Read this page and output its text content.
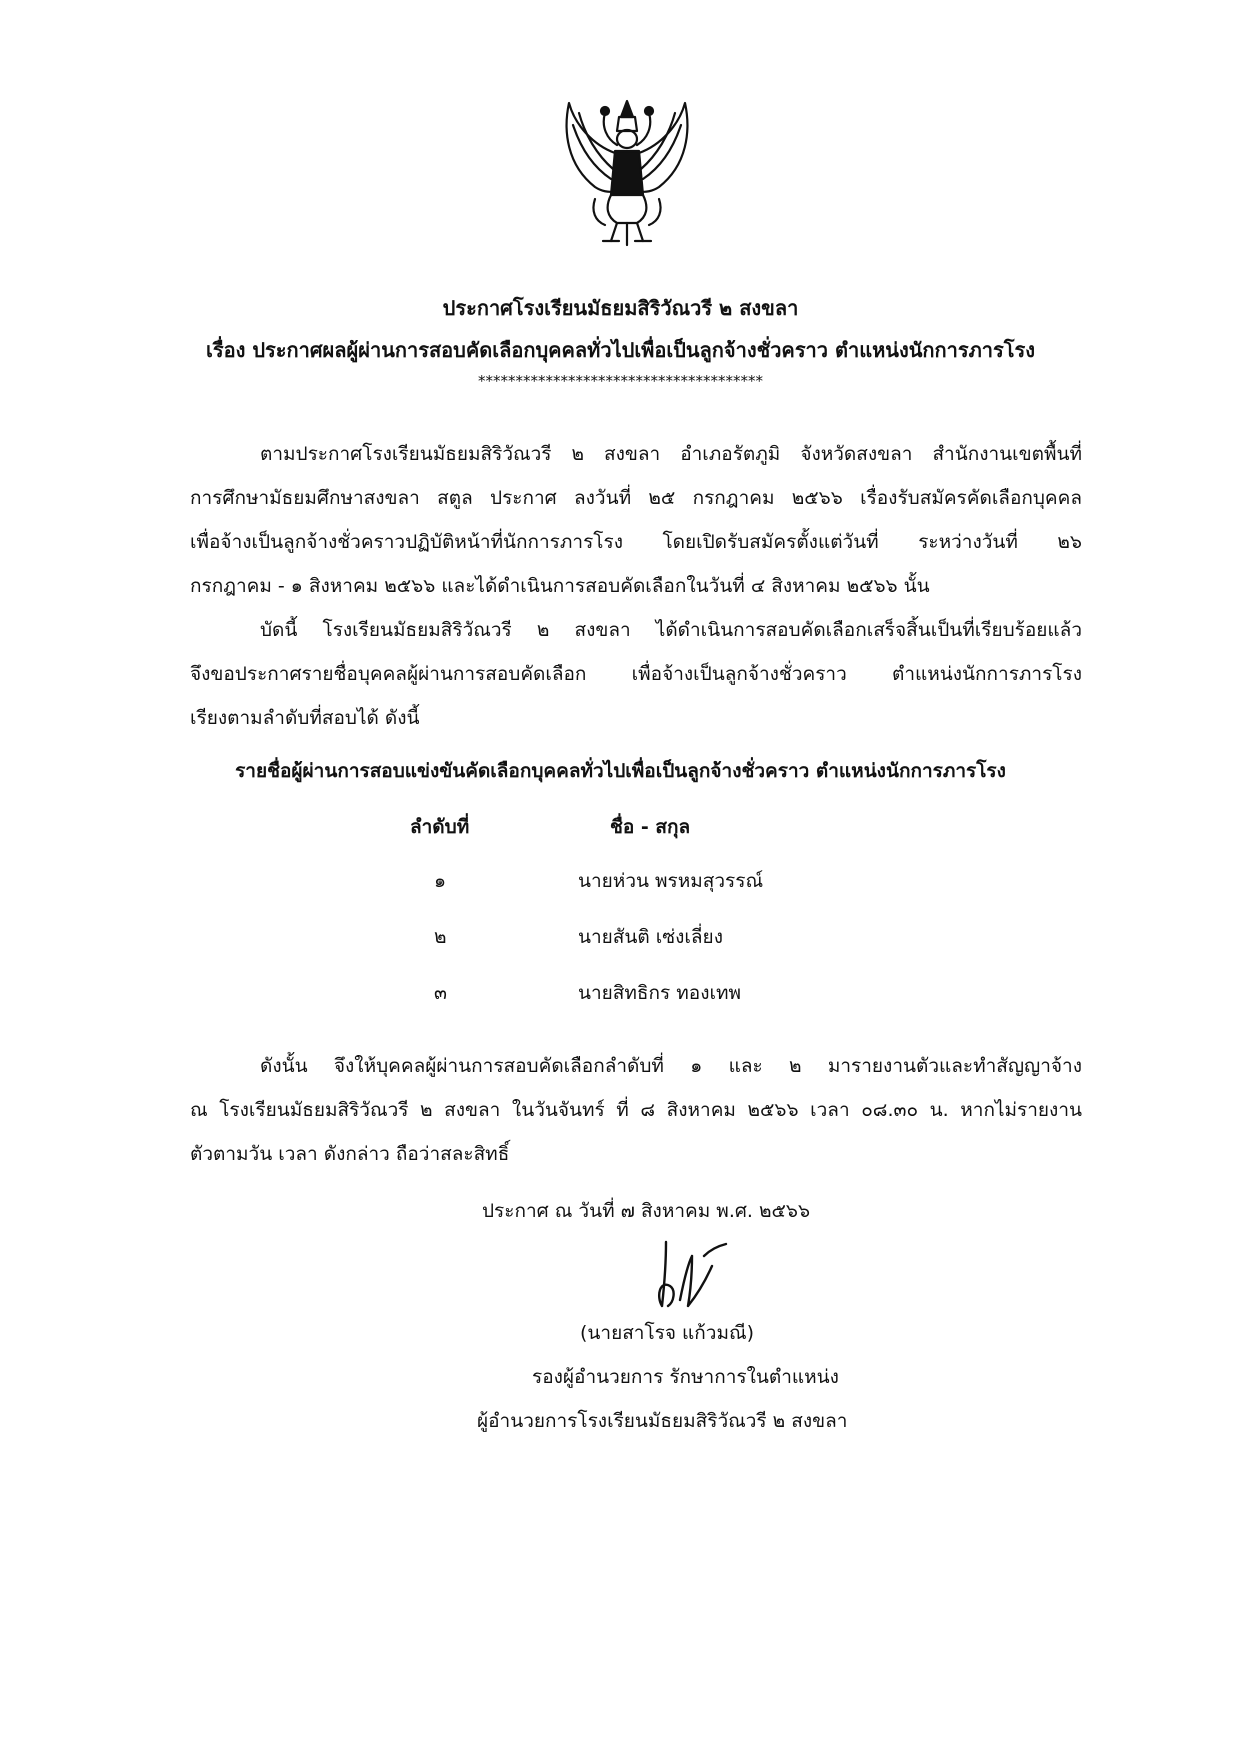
ประกาศโรงเรียนมัธยมสิริวัณวรี ๒ สงขลา
เรื่อง ประกาศผลผู้ผ่านการสอบคัดเลือกบุคคลทั่วไปเพื่อเป็นลูกจ้างชั่วคราว ตำแหน่งนักการภารโรง
**************************************
ตามประกาศโรงเรียนมัธยมสิริวัณวรี ๒ สงขลา อำเภอรัตภูมิ จังหวัดสงขลา สำนักงานเขตพื้นที่
การศึกษามัธยมศึกษาสงขลา สตูล ประกาศ ลงวันที่ ๒๕ กรกฎาคม ๒๕๖๖ เรื่องรับสมัครคัดเลือกบุคคล
เพื่อจ้างเป็นลูกจ้างชั่วคราวปฏิบัติหน้าที่นักการภารโรง โดยเปิดรับสมัครตั้งแต่วันที่ ระหว่างวันที่ ๒๖
กรกฎาคม - ๑ สิงหาคม ๒๕๖๖ และได้ดำเนินการสอบคัดเลือกในวันที่ ๔ สิงหาคม ๒๕๖๖ นั้น
บัดนี้ โรงเรียนมัธยมสิริวัณวรี ๒ สงขลา ได้ดำเนินการสอบคัดเลือกเสร็จสิ้นเป็นที่เรียบร้อยแล้ว
จึงขอประกาศรายชื่อบุคคลผู้ผ่านการสอบคัดเลือก เพื่อจ้างเป็นลูกจ้างชั่วคราว ตำแหน่งนักการภารโรง
เรียงตามลำดับที่สอบได้ ดังนี้
รายชื่อผู้ผ่านการสอบแข่งขันคัดเลือกบุคคลทั่วไปเพื่อเป็นลูกจ้างชั่วคราว ตำแหน่งนักการภารโรง
ลำดับที่	ชื่อ - สกุล
๑	นายห่วน พรหมสุวรรณ์
๒	นายสันติ เซ่งเลี่ยง
๓	นายสิทธิกร ทองเทพ
ดังนั้น จึงให้บุคคลผู้ผ่านการสอบคัดเลือกลำดับที่ ๑ และ ๒ มารายงานตัวและทำสัญญาจ้าง
ณ โรงเรียนมัธยมสิริวัณวรี ๒ สงขลา ในวันจันทร์ ที่ ๘ สิงหาคม ๒๕๖๖ เวลา ๐๘.๓๐ น. หากไม่รายงาน
ตัวตามวัน เวลา ดังกล่าว ถือว่าสละสิทธิ์
ประกาศ ณ วันที่ ๗ สิงหาคม พ.ศ. ๒๕๖๖
(นายสาโรจ แก้วมณี)
รองผู้อำนวยการ รักษาการในตำแหน่ง
ผู้อำนวยการโรงเรียนมัธยมสิริวัณวรี ๒ สงขลา
